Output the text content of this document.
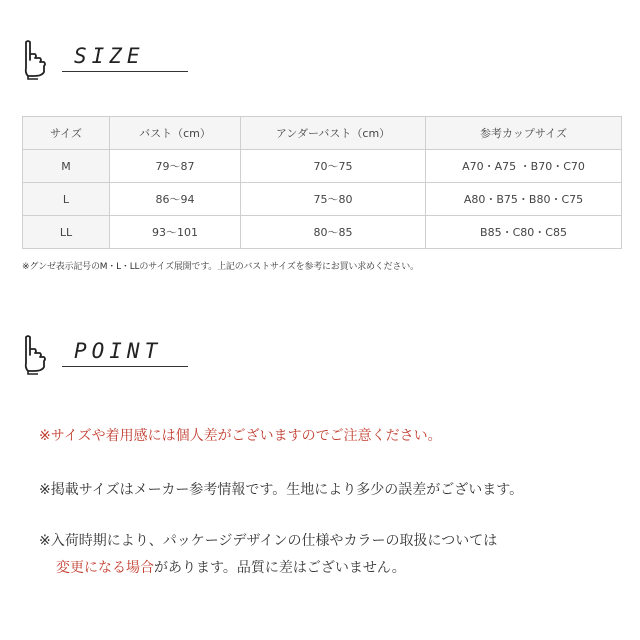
SIZE
サイズ	バスト（cm）	アンダーバスト（cm）	参考カップサイズ
M	79～87	70～75	A70・A75 ・B70・C70
L	86～94	75～80	A80・B75・B80・C75
LL	93～101	80～85	B85・C80・C85
※グンゼ表示記号のM・L・LLのサイズ展開です。上記のバストサイズを参考にお買い求めください。
POINT
※サイズや着用感には個人差がございますのでご注意ください。
※掲載サイズはメーカー参考情報です。生地により多少の誤差がございます。
※入荷時期により、パッケージデザインの仕様やカラーの取扱については
変更になる場合があります。品質に差はございません。
